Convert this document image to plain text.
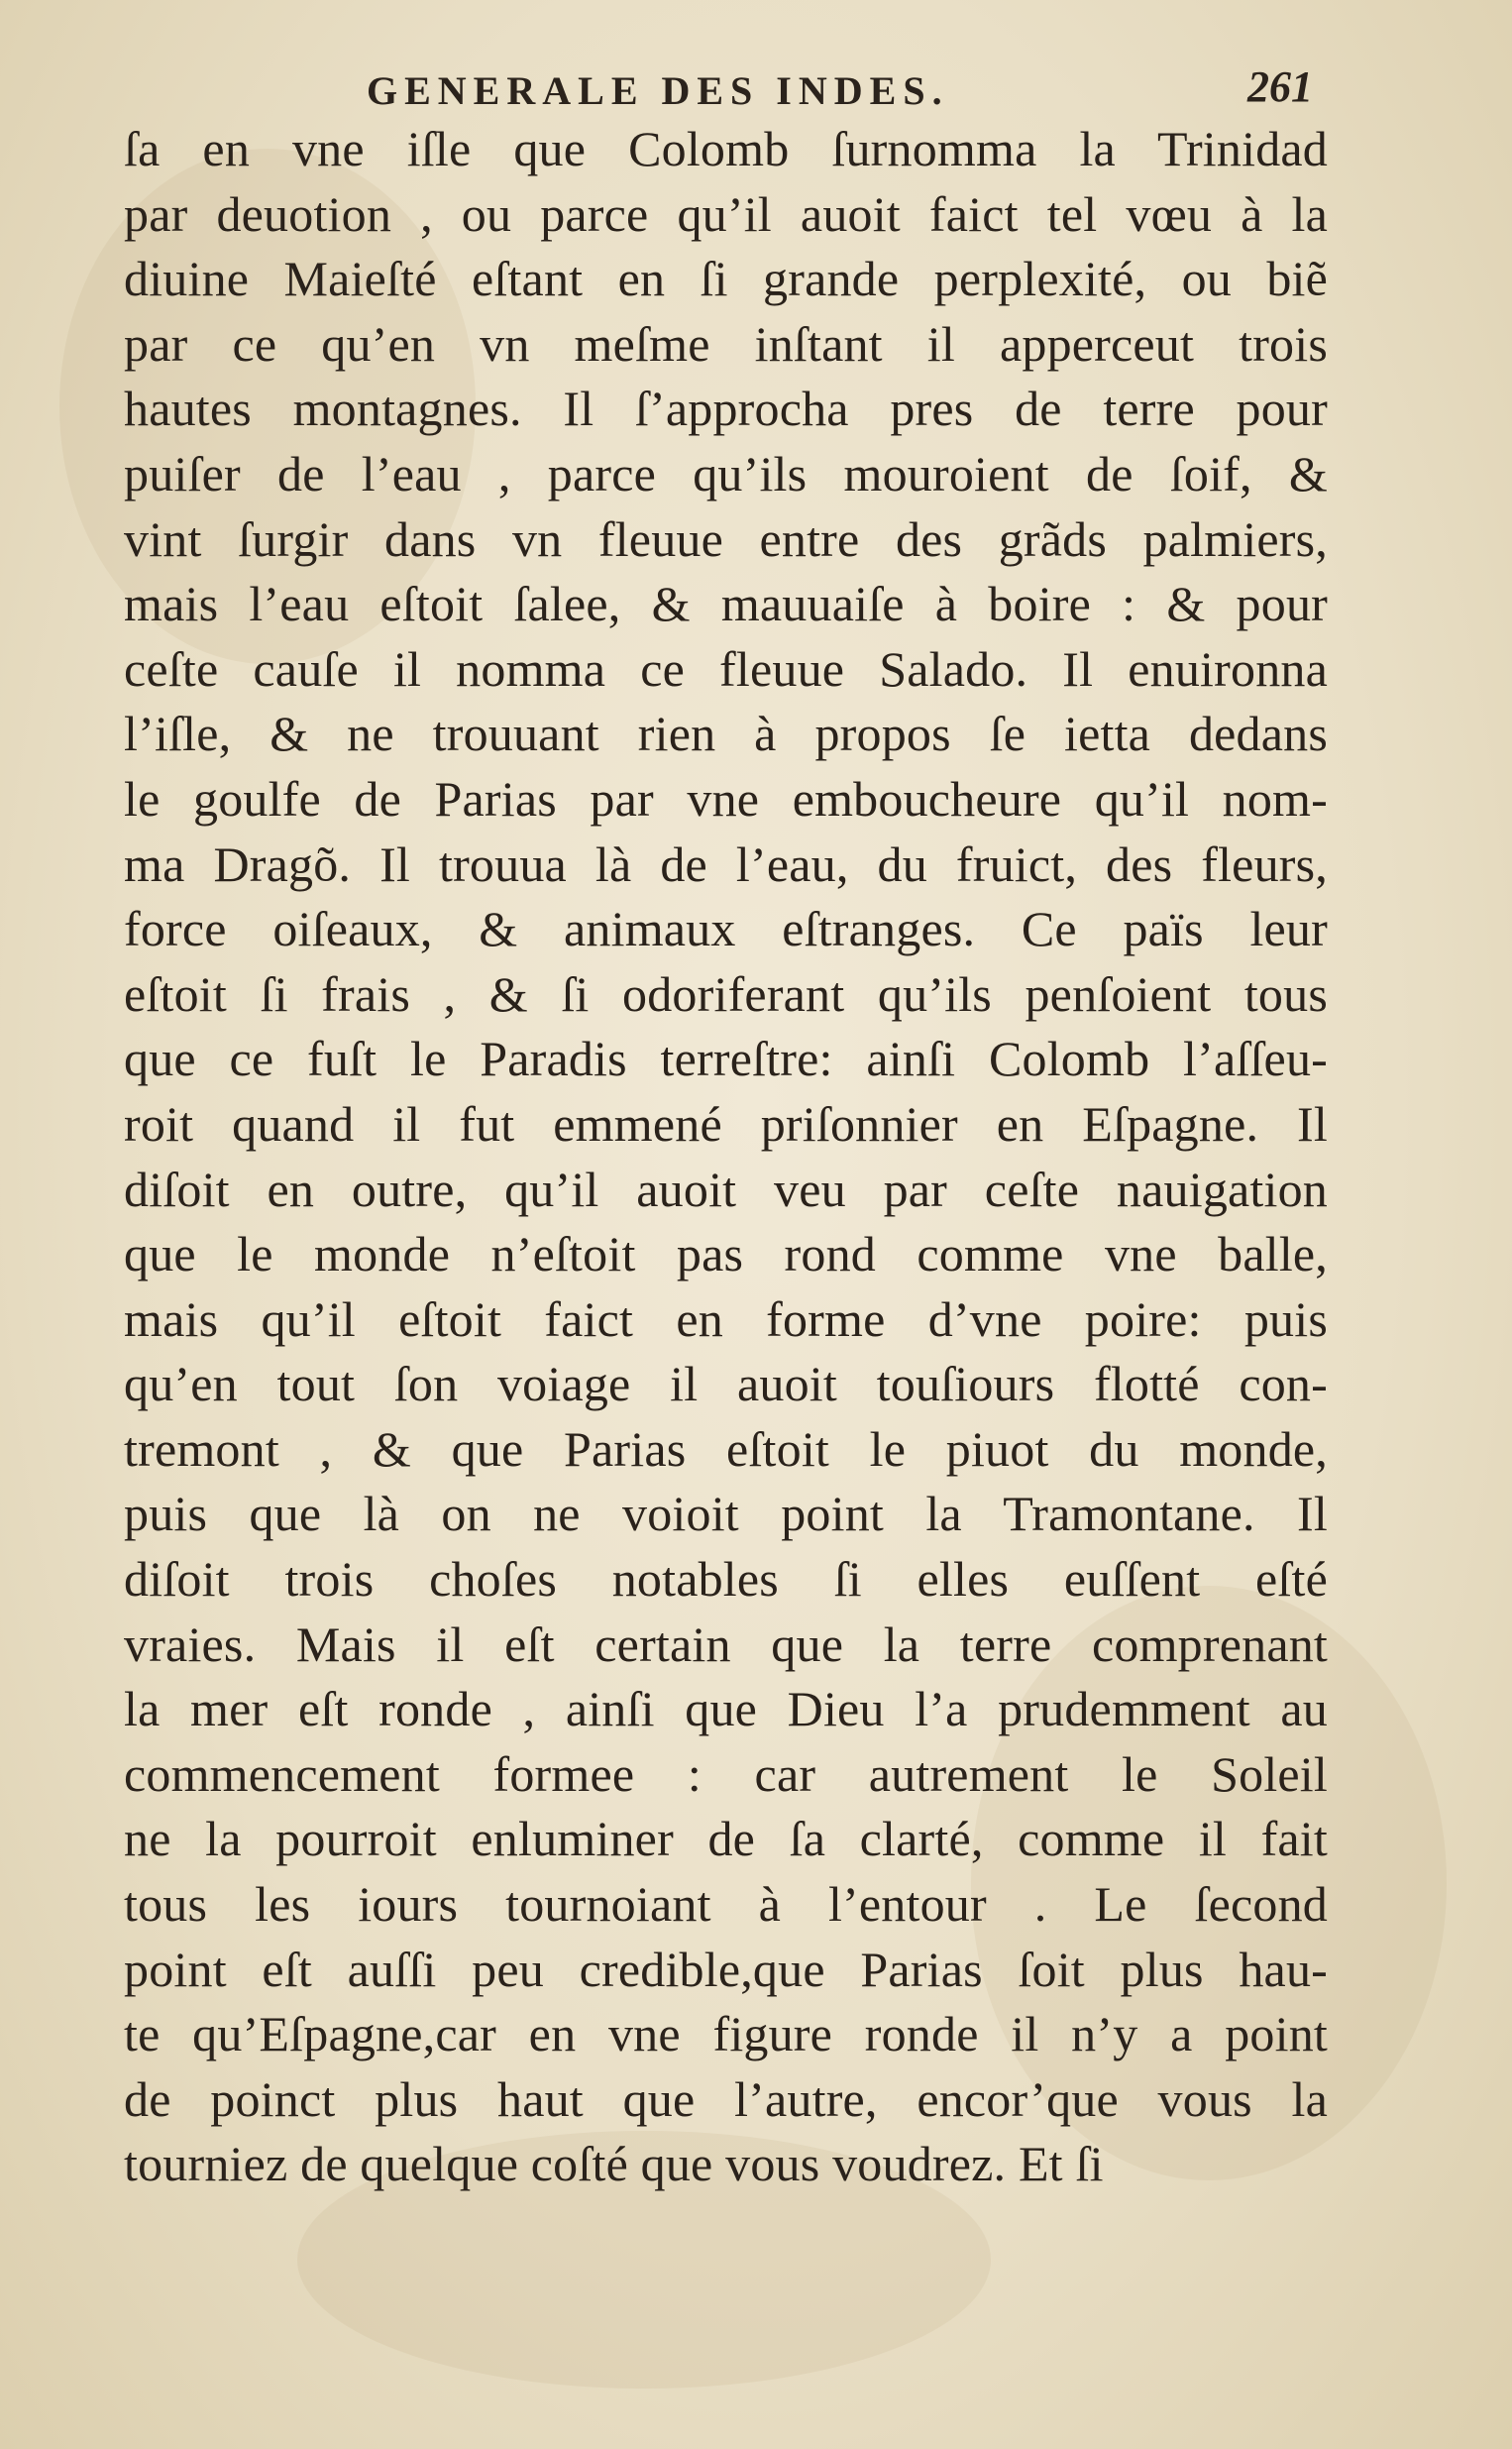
GENERALE DES INDES.	261
ſa en vne iſle que Colomb ſurnomma la Trinidad
par deuotion , ou parce qu’il auoit faict tel vœu à la
diuine Maieſté eſtant en ſi grande perplexité, ou biẽ
par ce qu’en vn meſme inſtant il apperceut trois
hautes montagnes. Il ſ’approcha pres de terre pour
puiſer de l’eau , parce qu’ils mouroient de ſoif, &
vint ſurgir dans vn fleuue entre des grãds palmiers,
mais l’eau eſtoit ſalee, & mauuaiſe à boire : & pour
ceſte cauſe il nomma ce fleuue Salado. Il enuironna
l’iſle, & ne trouuant rien à propos ſe ietta dedans
le goulfe de Parias par vne emboucheure qu’il nom-
ma Dragõ. Il trouua là de l’eau, du fruict, des fleurs,
force oiſeaux, & animaux eſtranges. Ce païs leur
eſtoit ſi frais , & ſi odoriferant qu’ils penſoient tous
que ce fuſt le Paradis terreſtre: ainſi Colomb l’aſſeu-
roit quand il fut emmené priſonnier en Eſpagne. Il
diſoit en outre, qu’il auoit veu par ceſte nauigation
que le monde n’eſtoit pas rond comme vne balle,
mais qu’il eſtoit faict en forme d’vne poire: puis
qu’en tout ſon voiage il auoit touſiours flotté con-
tremont , & que Parias eſtoit le piuot du monde,
puis que là on ne voioit point la Tramontane. Il
diſoit trois choſes notables ſi elles euſſent eſté
vraies. Mais il eſt certain que la terre comprenant
la mer eſt ronde , ainſi que Dieu l’a prudemment au
commencement formee : car autrement le Soleil
ne la pourroit enluminer de ſa clarté, comme il fait
tous les iours tournoiant à l’entour . Le ſecond
point eſt auſſi peu credible,que Parias ſoit plus hau-
te qu’Eſpagne,car en vne figure ronde il n’y a point
de poinct plus haut que l’autre, encor’que vous la
tourniez de quelque coſté que vous voudrez. Et ſi
